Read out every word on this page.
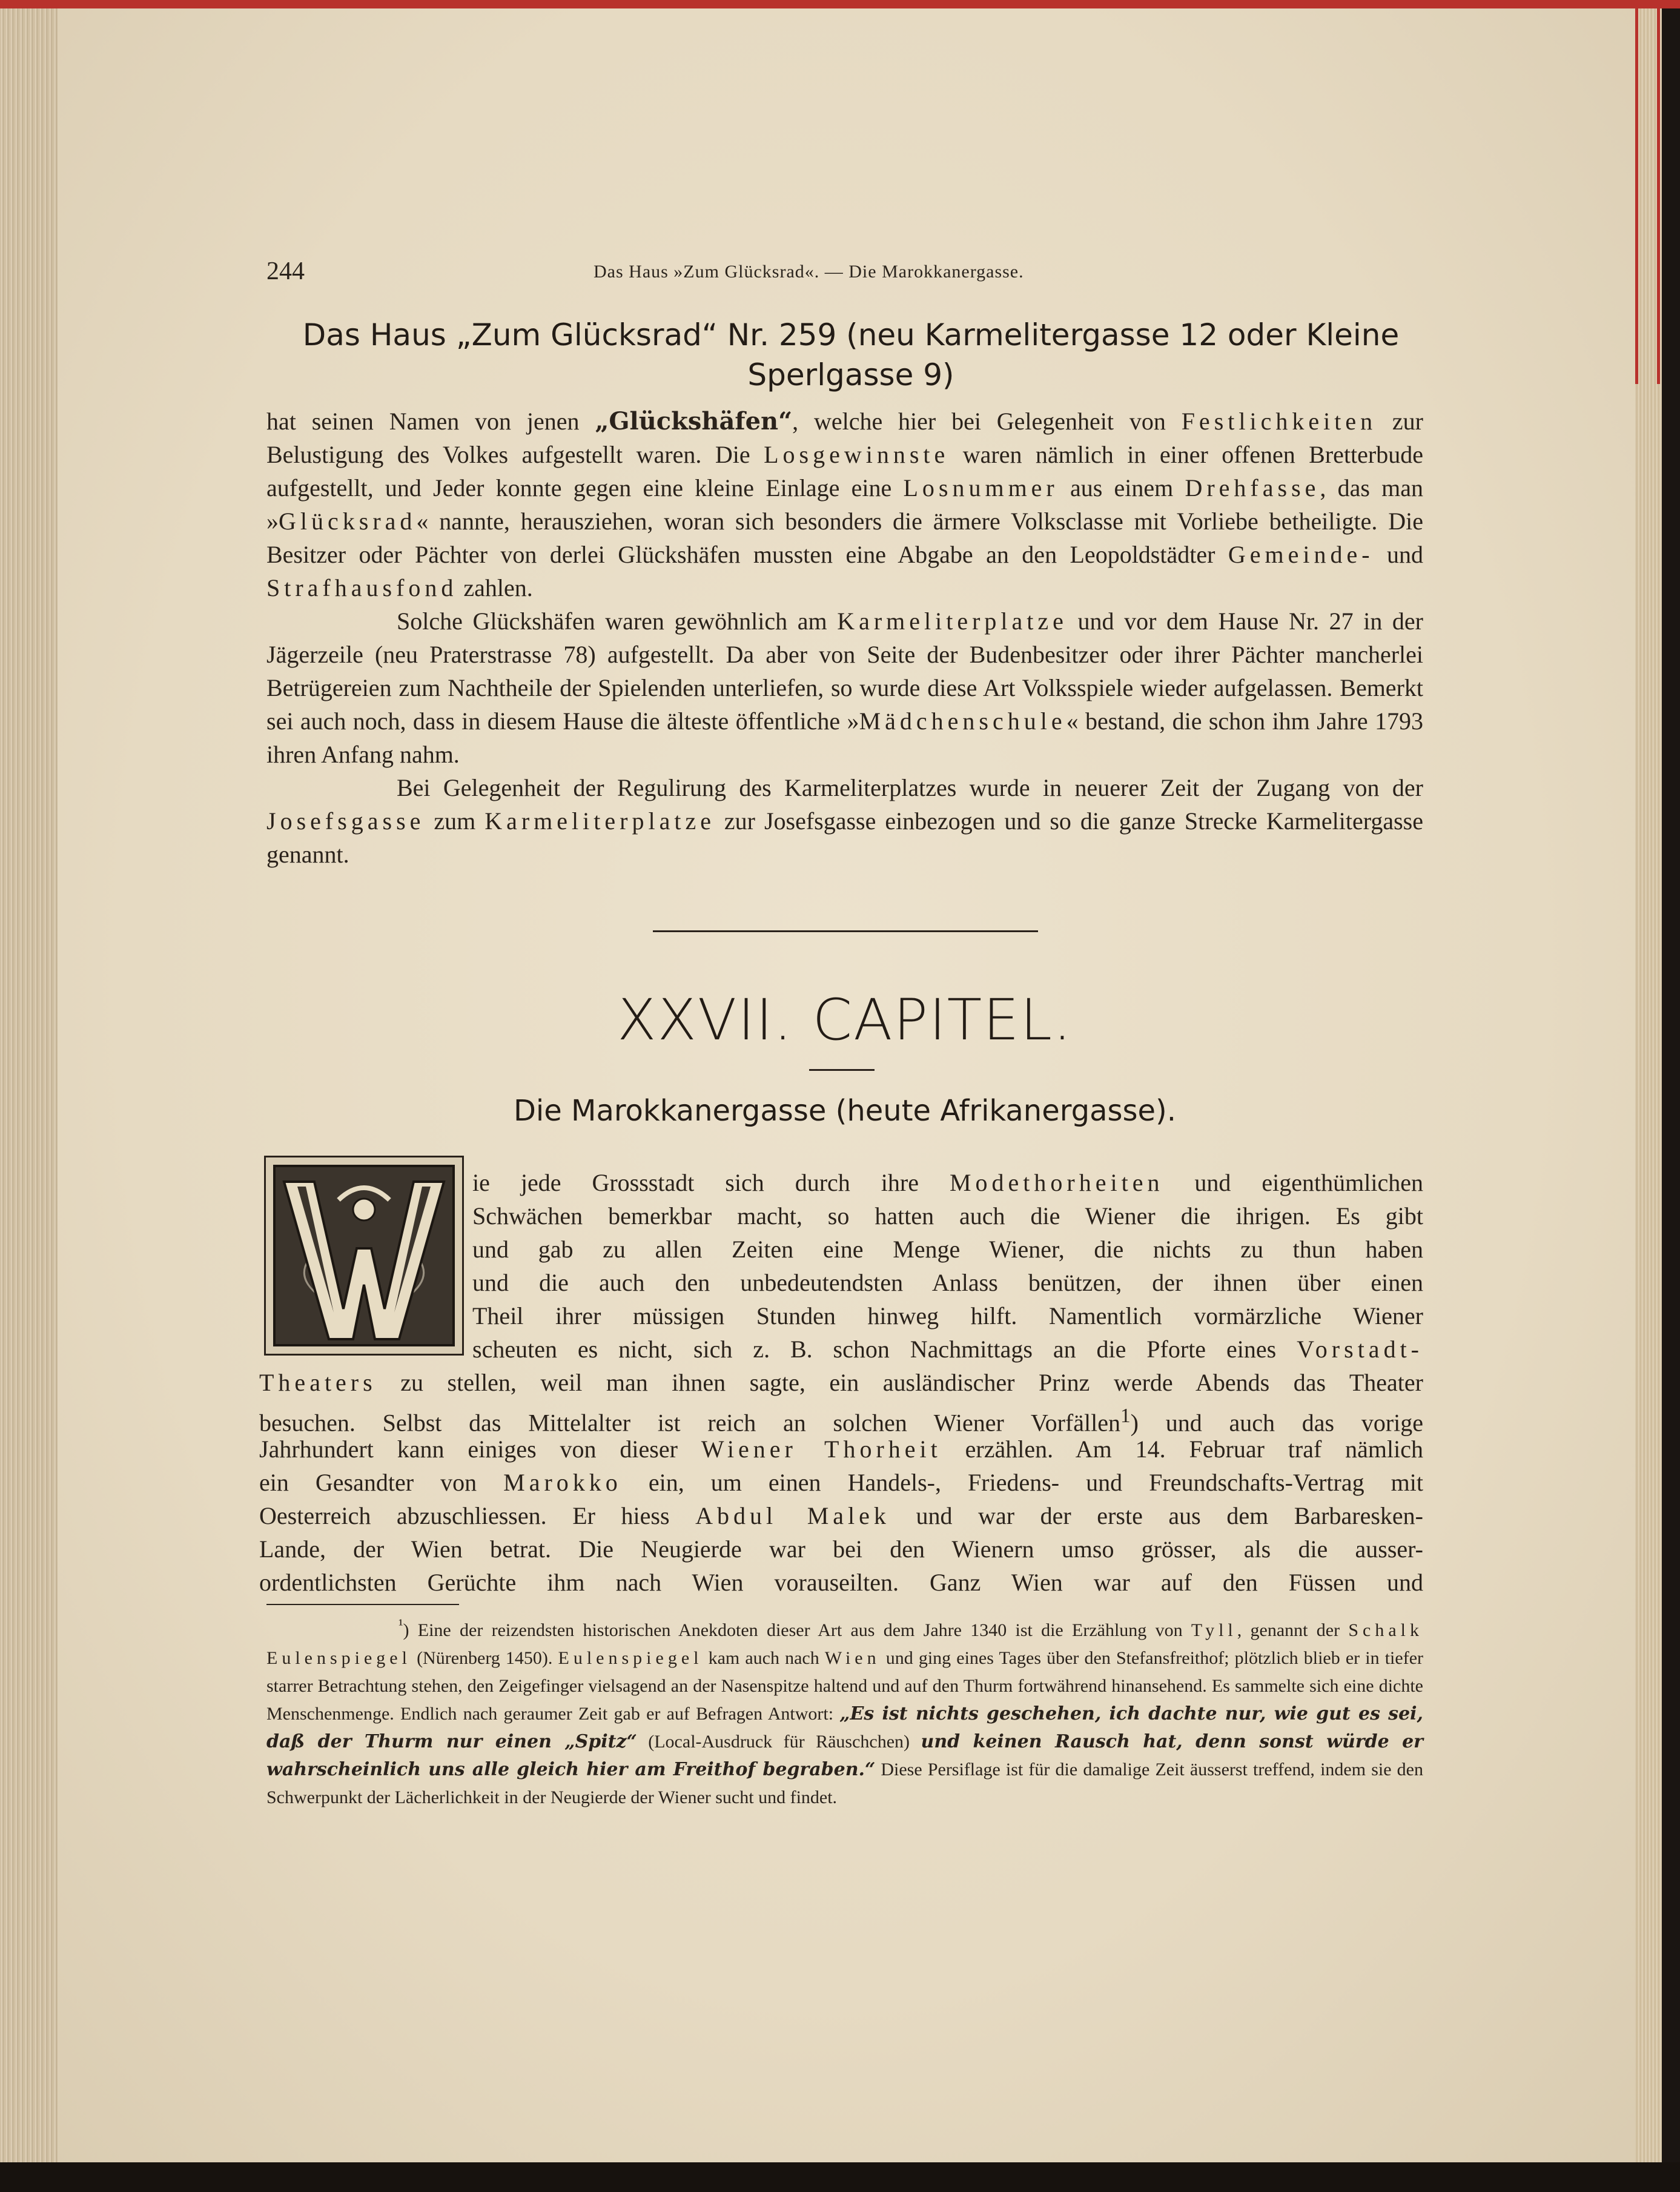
244	Das Haus »Zum Glücksrad«. — Die Marokkanergasse.
Das Haus „Zum Glücksrad“ Nr. 259 (neu Karmelitergasse 12 oder Kleine Sperlgasse 9)

hat seinen Namen von jenen „Glückshäfen“, welche hier bei Gelegenheit von Festlichkeiten zur Belustigung des Volkes aufgestellt waren. Die Losgewinnste waren nämlich in einer offenen Bretterbude aufgestellt, und Jeder konnte gegen eine kleine Einlage eine Losnummer aus einem Drehfasse, das man »Glücksrad« nannte, herausziehen, woran sich besonders die ärmere Volksclasse mit Vorliebe betheiligte. Die Besitzer oder Pächter von derlei Glückshäfen mussten eine Abgabe an den Leopoldstädter Gemeinde- und Strafhausfond zahlen.

Solche Glückshäfen waren gewöhnlich am Karmeliterplatze und vor dem Hause Nr. 27 in der Jägerzeile (neu Praterstrasse 78) aufgestellt. Da aber von Seite der Budenbesitzer oder ihrer Pächter mancherlei Betrügereien zum Nachtheile der Spielenden unterliefen, so wurde diese Art Volksspiele wieder aufgelassen. Bemerkt sei auch noch, dass in diesem Hause die älteste öffentliche »Mädchenschule« bestand, die schon ihm Jahre 1793 ihren Anfang nahm.

Bei Gelegenheit der Regulirung des Karmeliterplatzes wurde in neuerer Zeit der Zugang von der Josefsgasse zum Karmeliterplatze zur Josefsgasse einbezogen und so die ganze Strecke Karmelitergasse genannt.

XXVII. CAPITEL.
Die Marokkanergasse (heute Afrikanergasse).
ie jede Grossstadt sich durch ihre Modethorheiten und eigenthümlichen
Schwächen bemerkbar macht, so hatten auch die Wiener die ihrigen. Es gibt
und gab zu allen Zeiten eine Menge Wiener, die nichts zu thun haben
und die auch den unbedeutendsten Anlass benützen, der ihnen über einen
Theil ihrer müssigen Stunden hinweg hilft. Namentlich vormärzliche Wiener
scheuten es nicht, sich z. B. schon Nachmittags an die Pforte eines Vorstadt-
Theaters zu stellen, weil man ihnen sagte, ein ausländischer Prinz werde Abends das Theater
besuchen. Selbst das Mittelalter ist reich an solchen Wiener Vorfällen$^1$) und auch das vorige
Jahrhundert kann einiges von dieser Wiener Thorheit erzählen. Am 14. Februar traf nämlich
ein Gesandter von Marokko ein, um einen Handels-, Friedens- und Freundschafts-Vertrag mit
Oesterreich abzuschliessen. Er hiess Abdul Malek und war der erste aus dem Barbaresken-
Lande, der Wien betrat. Die Neugierde war bei den Wienern umso grösser, als die ausser-
ordentlichsten Gerüchte ihm nach Wien vorauseilten. Ganz Wien war auf den Füssen und

$^{^1}$) Eine der reizendsten historischen Anekdoten dieser Art aus dem Jahre 1340 ist die Erzählung von Tyll, genannt der Schalk Eulenspiegel (Nürenberg 1450). Eulenspiegel kam auch nach Wien und ging eines Tages über den Stefansfreithof; plötzlich blieb er in tiefer starrer Betrachtung stehen, den Zeigefinger vielsagend an der Nasenspitze haltend und auf den Thurm fortwährend hinansehend. Es sammelte sich eine dichte Menschenmenge. Endlich nach geraumer Zeit gab er auf Befragen Antwort: „Es ist nichts geschehen, ich dachte nur, wie gut es sei, daß der Thurm nur einen „Spitz“ (Local-Ausdruck für Räuschchen) und keinen Rausch hat, denn sonst würde er wahrscheinlich uns alle gleich hier am Freithof begraben.“ Diese Persiflage ist für die damalige Zeit äusserst treffend, indem sie den Schwerpunkt der Lächerlichkeit in der Neugierde der Wiener sucht und findet.
